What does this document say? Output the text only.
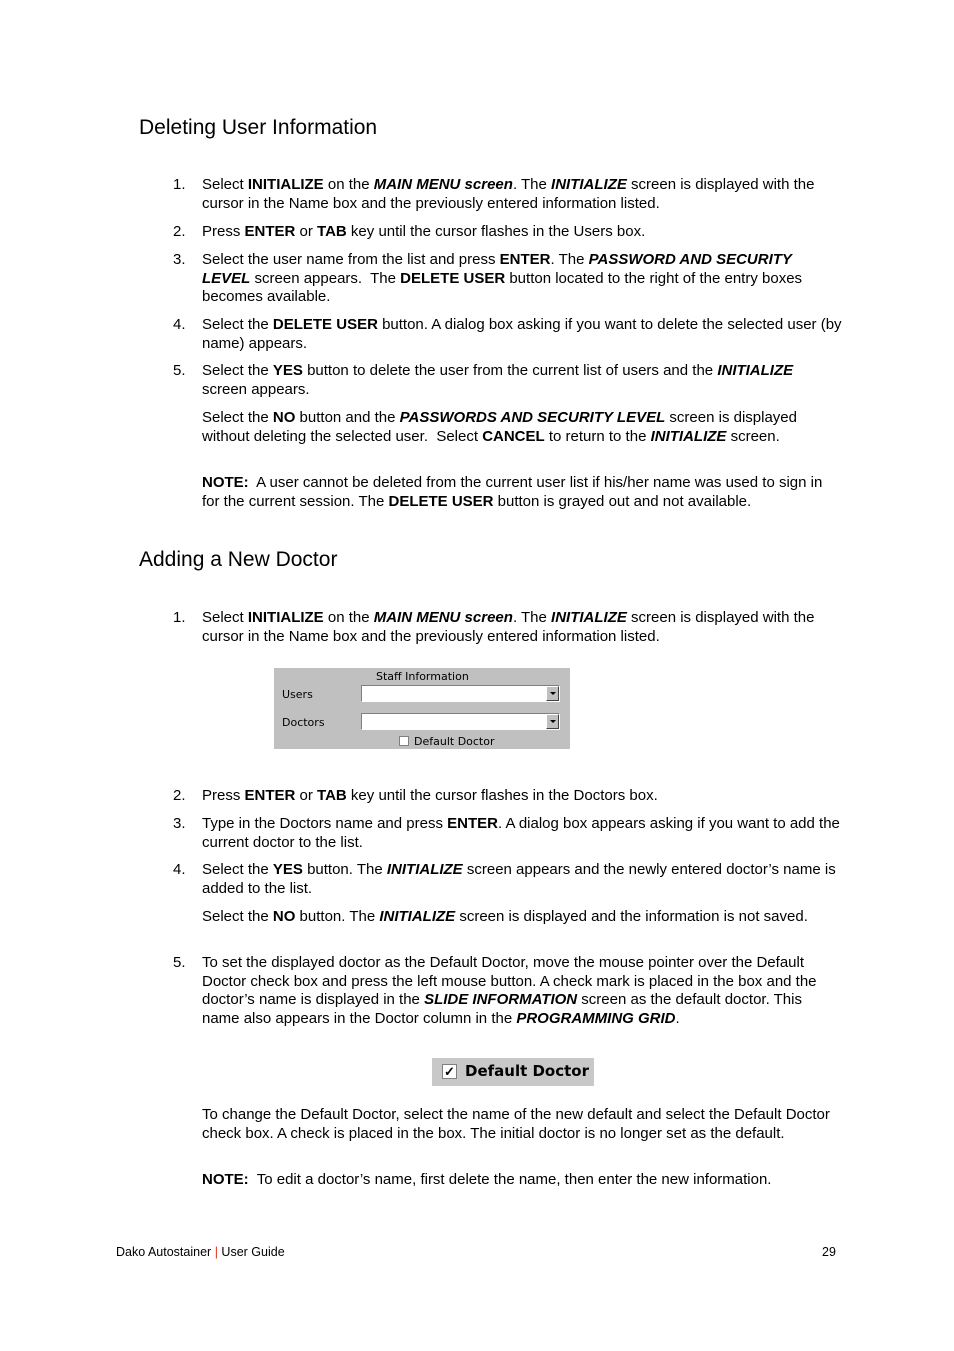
Deleting User Information
1. Select INITIALIZE on the MAIN MENU screen. The INITIALIZE screen is displayed with the cursor in the Name box and the previously entered information listed.
2. Press ENTER or TAB key until the cursor flashes in the Users box.
3. Select the user name from the list and press ENTER. The PASSWORD AND SECURITY LEVEL screen appears.  The DELETE USER button located to the right of the entry boxes becomes available.
4. Select the DELETE USER button. A dialog box asking if you want to delete the selected user (by name) appears.
5. Select the YES button to delete the user from the current list of users and the INITIALIZE screen appears.
Select the NO button and the PASSWORDS AND SECURITY LEVEL screen is displayed without deleting the selected user.  Select CANCEL to return to the INITIALIZE screen.
NOTE:  A user cannot be deleted from the current user list if his/her name was used to sign in for the current session. The DELETE USER button is grayed out and not available.
Adding a New Doctor
1. Select INITIALIZE on the MAIN MENU screen. The INITIALIZE screen is displayed with the cursor in the Name box and the previously entered information listed.
Staff Information
Users
Doctors
Default Doctor
2. Press ENTER or TAB key until the cursor flashes in the Doctors box.
3. Type in the Doctors name and press ENTER. A dialog box appears asking if you want to add the current doctor to the list.
4. Select the YES button. The INITIALIZE screen appears and the newly entered doctor’s name is added to the list.
Select the NO button. The INITIALIZE screen is displayed and the information is not saved.
5. To set the displayed doctor as the Default Doctor, move the mouse pointer over the Default Doctor check box and press the left mouse button. A check mark is placed in the box and the doctor’s name is displayed in the SLIDE INFORMATION screen as the default doctor. This name also appears in the Doctor column in the PROGRAMMING GRID.
✓ Default Doctor
To change the Default Doctor, select the name of the new default and select the Default Doctor check box. A check is placed in the box. The initial doctor is no longer set as the default.
NOTE:  To edit a doctor’s name, first delete the name, then enter the new information.
Dako Autostainer | User Guide	29
